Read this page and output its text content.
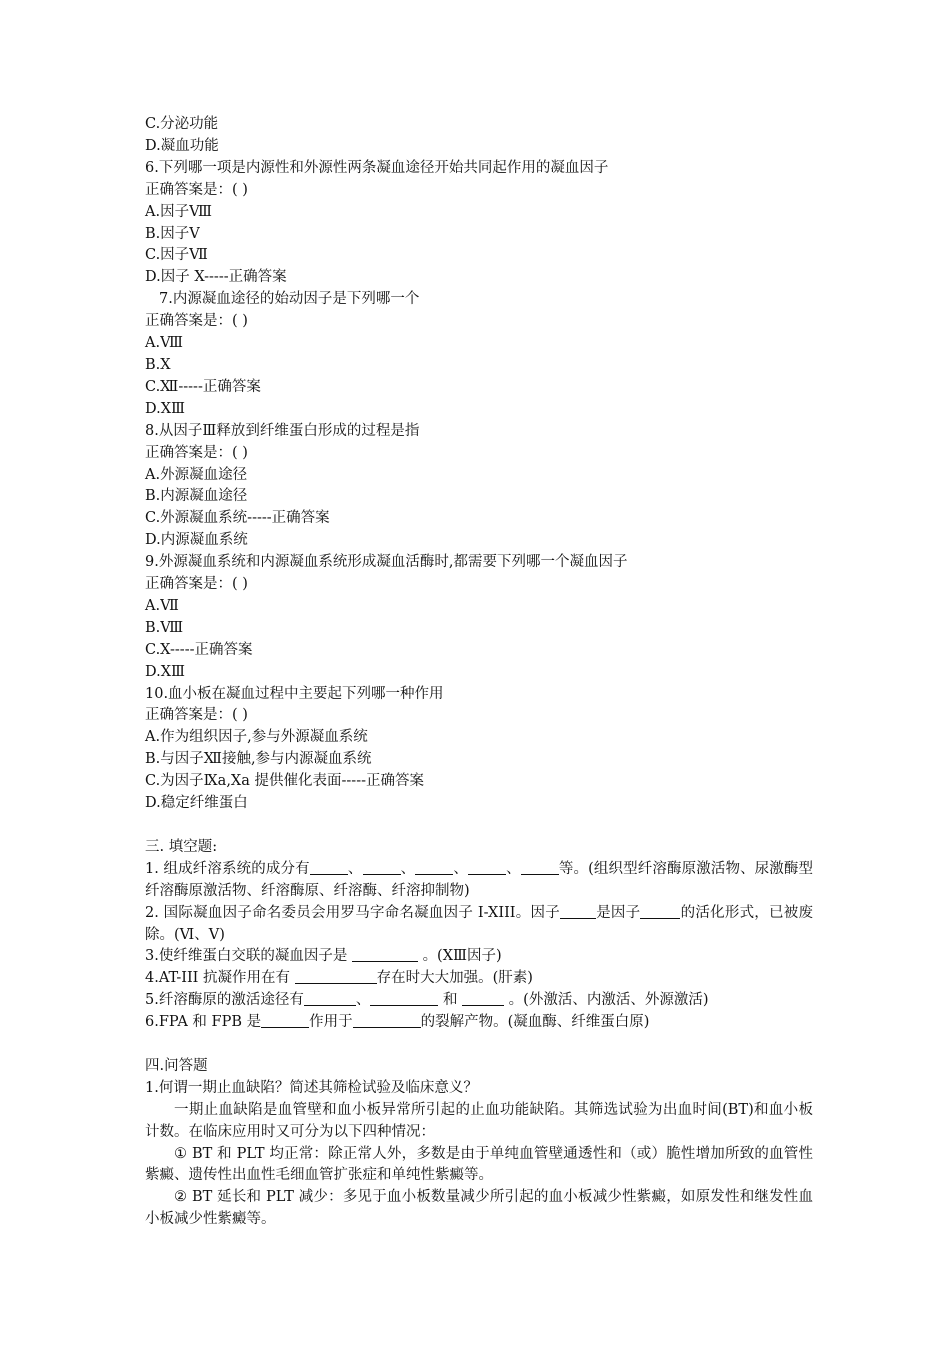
C.分泌功能
D.凝血功能
6.下列哪一项是内源性和外源性两条凝血途径开始共同起作用的凝血因子
正确答案是：( )
A.因子Ⅷ
B.因子Ⅴ
C.因子Ⅶ
D.因子 X-----正确答案
7.内源凝血途径的始动因子是下列哪一个
正确答案是：( )
A.Ⅷ
B.X
C.Ⅻ-----正确答案
D.XⅢ
8.从因子Ⅲ释放到纤维蛋白形成的过程是指
正确答案是：( )
A.外源凝血途径
B.内源凝血途径
C.外源凝血系统-----正确答案
D.内源凝血系统
9.外源凝血系统和内源凝血系统形成凝血活酶时,都需要下列哪一个凝血因子
正确答案是：( )
A.Ⅶ
B.Ⅷ
C.X-----正确答案
D.XⅢ
10.血小板在凝血过程中主要起下列哪一种作用
正确答案是：( )
A.作为组织因子,参与外源凝血系统
B.与因子Ⅻ接触,参与内源凝血系统
C.为因子Ⅸa,Xa 提供催化表面-----正确答案
D.稳定纤维蛋白
三. 填空题:
1. 组成纤溶系统的成分有	、	、	、	、	等。(组织型纤溶酶原激活物、尿激酶型纤溶酶原激活物、纤溶酶原、纤溶酶、纤溶抑制物)
2. 国际凝血因子命名委员会用罗马字命名凝血因子 I-XIII。因子 是因子	的活化形式，已被废除。(Ⅵ、Ⅴ)
3.使纤维蛋白交联的凝血因子是	。(XⅢ因子)
4.AT-III 抗凝作用在有	存在时大大加强。(肝素)
5.纤溶酶原的激活途径有	、	和	。(外激活、内激活、外源激活)
6.FPA 和 FPB 是	作用于	的裂解产物。(凝血酶、纤维蛋白原)
四.问答题
1.何谓一期止血缺陷？简述其筛检试验及临床意义？
一期止血缺陷是血管壁和血小板异常所引起的止血功能缺陷。其筛选试验为出血时间(BT)和血小板计数。在临床应用时又可分为以下四种情况：
① BT 和 PLT 均正常：除正常人外，多数是由于单纯血管壁通透性和（或）脆性增加所致的血管性紫癜、遗传性出血性毛细血管扩张症和单纯性紫癜等。
② BT 延长和 PLT 减少：多见于血小板数量减少所引起的血小板减少性紫癜，如原发性和继发性血小板减少性紫癜等。
